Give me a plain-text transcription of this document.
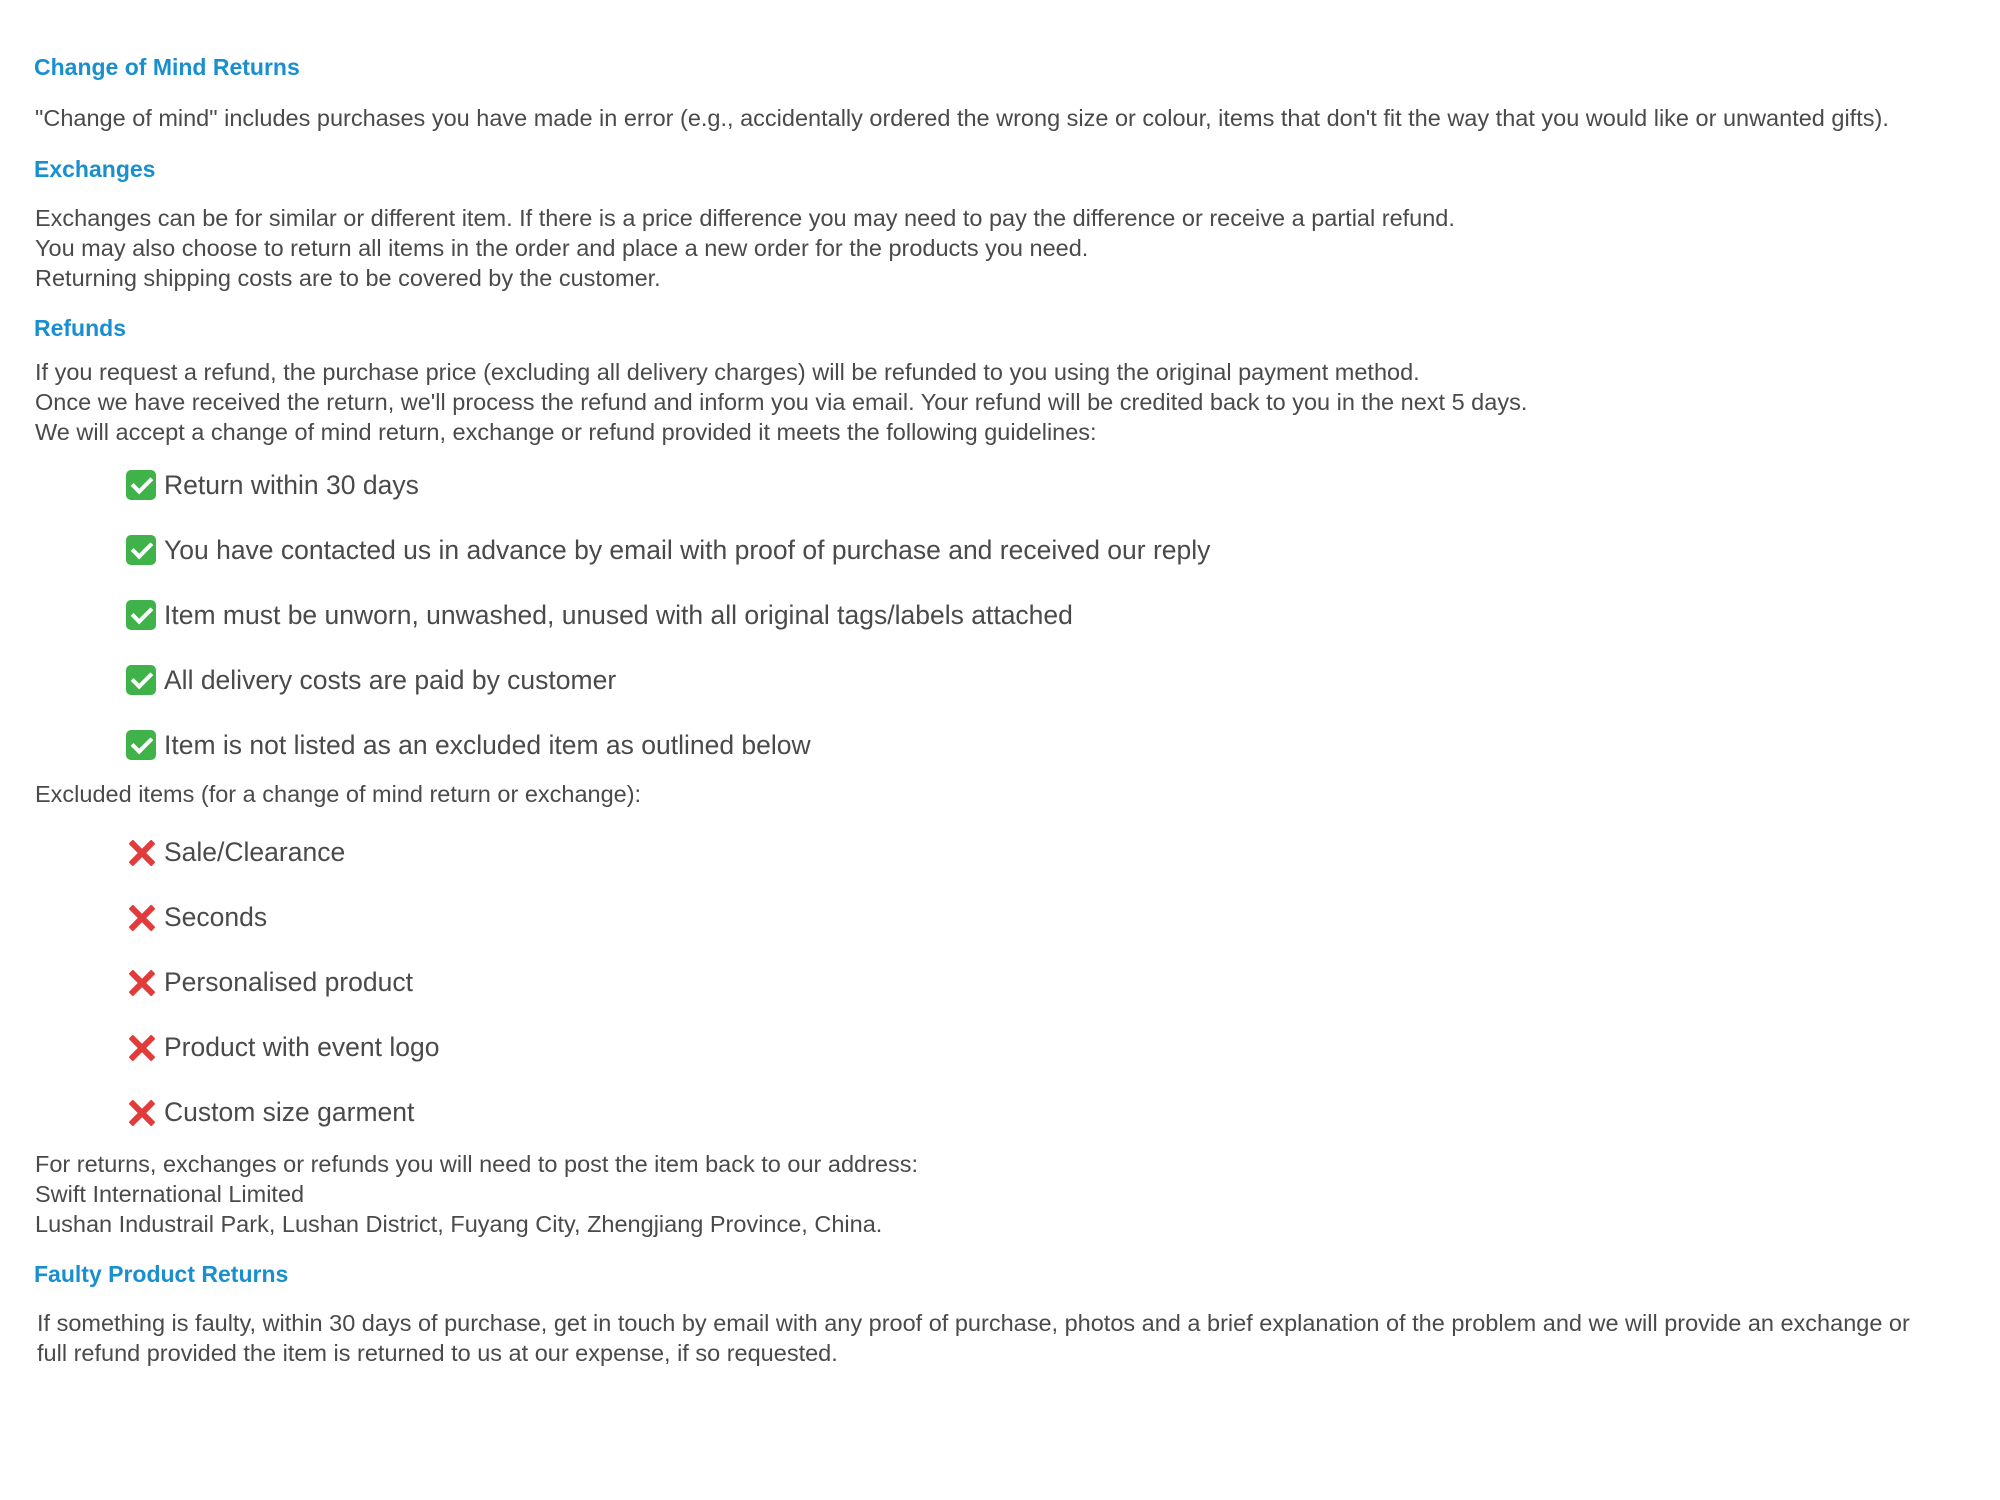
Change of Mind Returns

"Change of mind" includes purchases you have made in error (e.g., accidentally ordered the wrong size or colour, items that don't fit the way that you would like or unwanted gifts).

Exchanges

Exchanges can be for similar or different item. If there is a price difference you may need to pay the difference or receive a partial refund.
You may also choose to return all items in the order and place a new order for the products you need.
Returning shipping costs are to be covered by the customer.

Refunds

If you request a refund, the purchase price (excluding all delivery charges) will be refunded to you using the original payment method.
Once we have received the return, we'll process the refund and inform you via email. Your refund will be credited back to you in the next 5 days.
We will accept a change of mind return, exchange or refund provided it meets the following guidelines:

Return within 30 days
You have contacted us in advance by email with proof of purchase and received our reply
Item must be unworn, unwashed, unused with all original tags/labels attached
All delivery costs are paid by customer
Item is not listed as an excluded item as outlined below

Excluded items (for a change of mind return or exchange):

Sale/Clearance
Seconds
Personalised product
Product with event logo
Custom size garment

For returns, exchanges or refunds you will need to post the item back to our address:
Swift International Limited
Lushan Industrail Park, Lushan District, Fuyang City, Zhengjiang Province, China.

Faulty Product Returns

If something is faulty, within 30 days of purchase, get in touch by email with any proof of purchase, photos and a brief explanation of the problem and we will provide an exchange or full refund provided the item is returned to us at our expense, if so requested.
